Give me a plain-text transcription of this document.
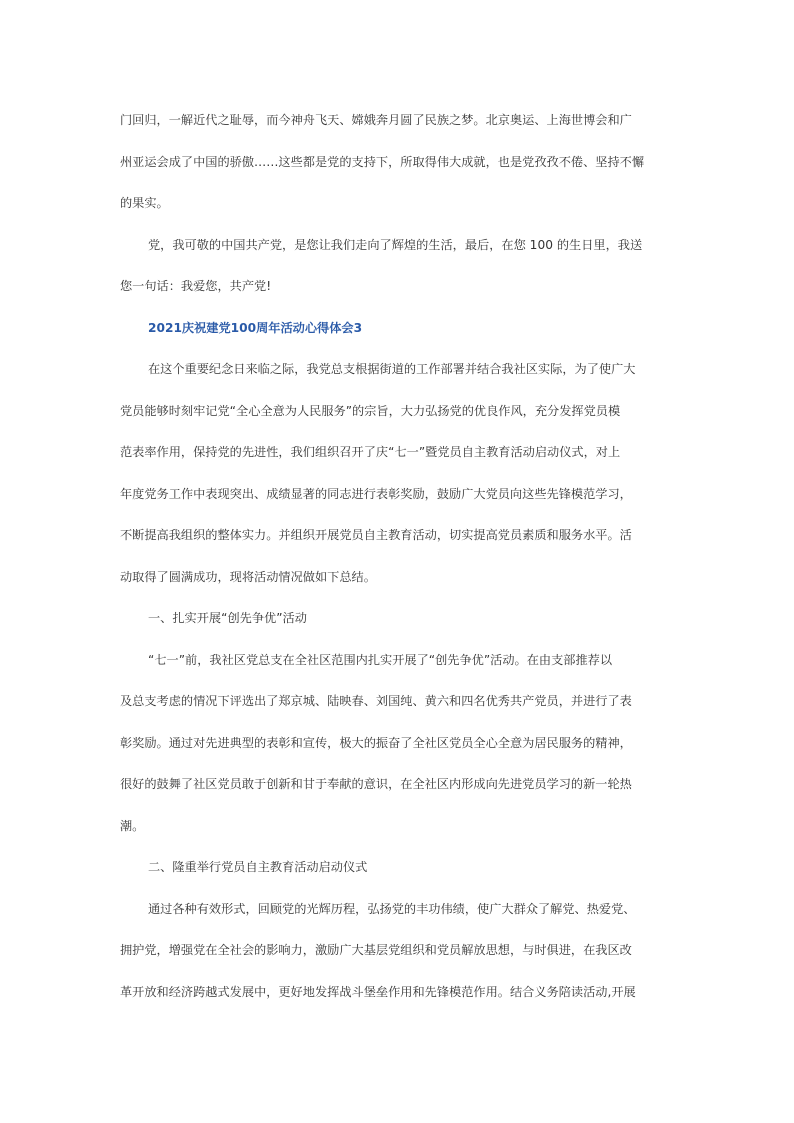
门回归，一解近代之耻辱，而今神舟飞天、嫦娥奔月圆了民族之梦。北京奥运、上海世博会和广
州亚运会成了中国的骄傲……这些都是党的支持下，所取得伟大成就，也是党孜孜不倦、坚持不懈
的果实。
党，我可敬的中国共产党，是您让我们走向了辉煌的生活，最后，在您 100 的生日里，我送
您一句话：我爱您，共产党!
2021庆祝建党100周年活动心得体会3
在这个重要纪念日来临之际，我党总支根据街道的工作部署并结合我社区实际，为了使广大
党员能够时刻牢记党“全心全意为人民服务”的宗旨，大力弘扬党的优良作风，充分发挥党员模
范表率作用，保持党的先进性，我们组织召开了庆“七一”暨党员自主教育活动启动仪式，对上
年度党务工作中表现突出、成绩显著的同志进行表彰奖励，鼓励广大党员向这些先锋模范学习，
不断提高我组织的整体实力。并组织开展党员自主教育活动，切实提高党员素质和服务水平。活
动取得了圆满成功，现将活动情况做如下总结。
一、扎实开展“创先争优”活动
“七一”前，我社区党总支在全社区范围内扎实开展了“创先争优”活动。在由支部推荐以
及总支考虑的情况下评选出了郑京城、陆映春、刘国纯、黄六和四名优秀共产党员，并进行了表
彰奖励。通过对先进典型的表彰和宣传，极大的振奋了全社区党员全心全意为居民服务的精神，
很好的鼓舞了社区党员敢于创新和甘于奉献的意识，在全社区内形成向先进党员学习的新一轮热
潮。
二、隆重举行党员自主教育活动启动仪式
通过各种有效形式，回顾党的光辉历程，弘扬党的丰功伟绩，使广大群众了解党、热爱党、
拥护党，增强党在全社会的影响力，激励广大基层党组织和党员解放思想，与时俱进，在我区改
革开放和经济跨越式发展中，更好地发挥战斗堡垒作用和先锋模范作用。结合义务陪读活动,开展
